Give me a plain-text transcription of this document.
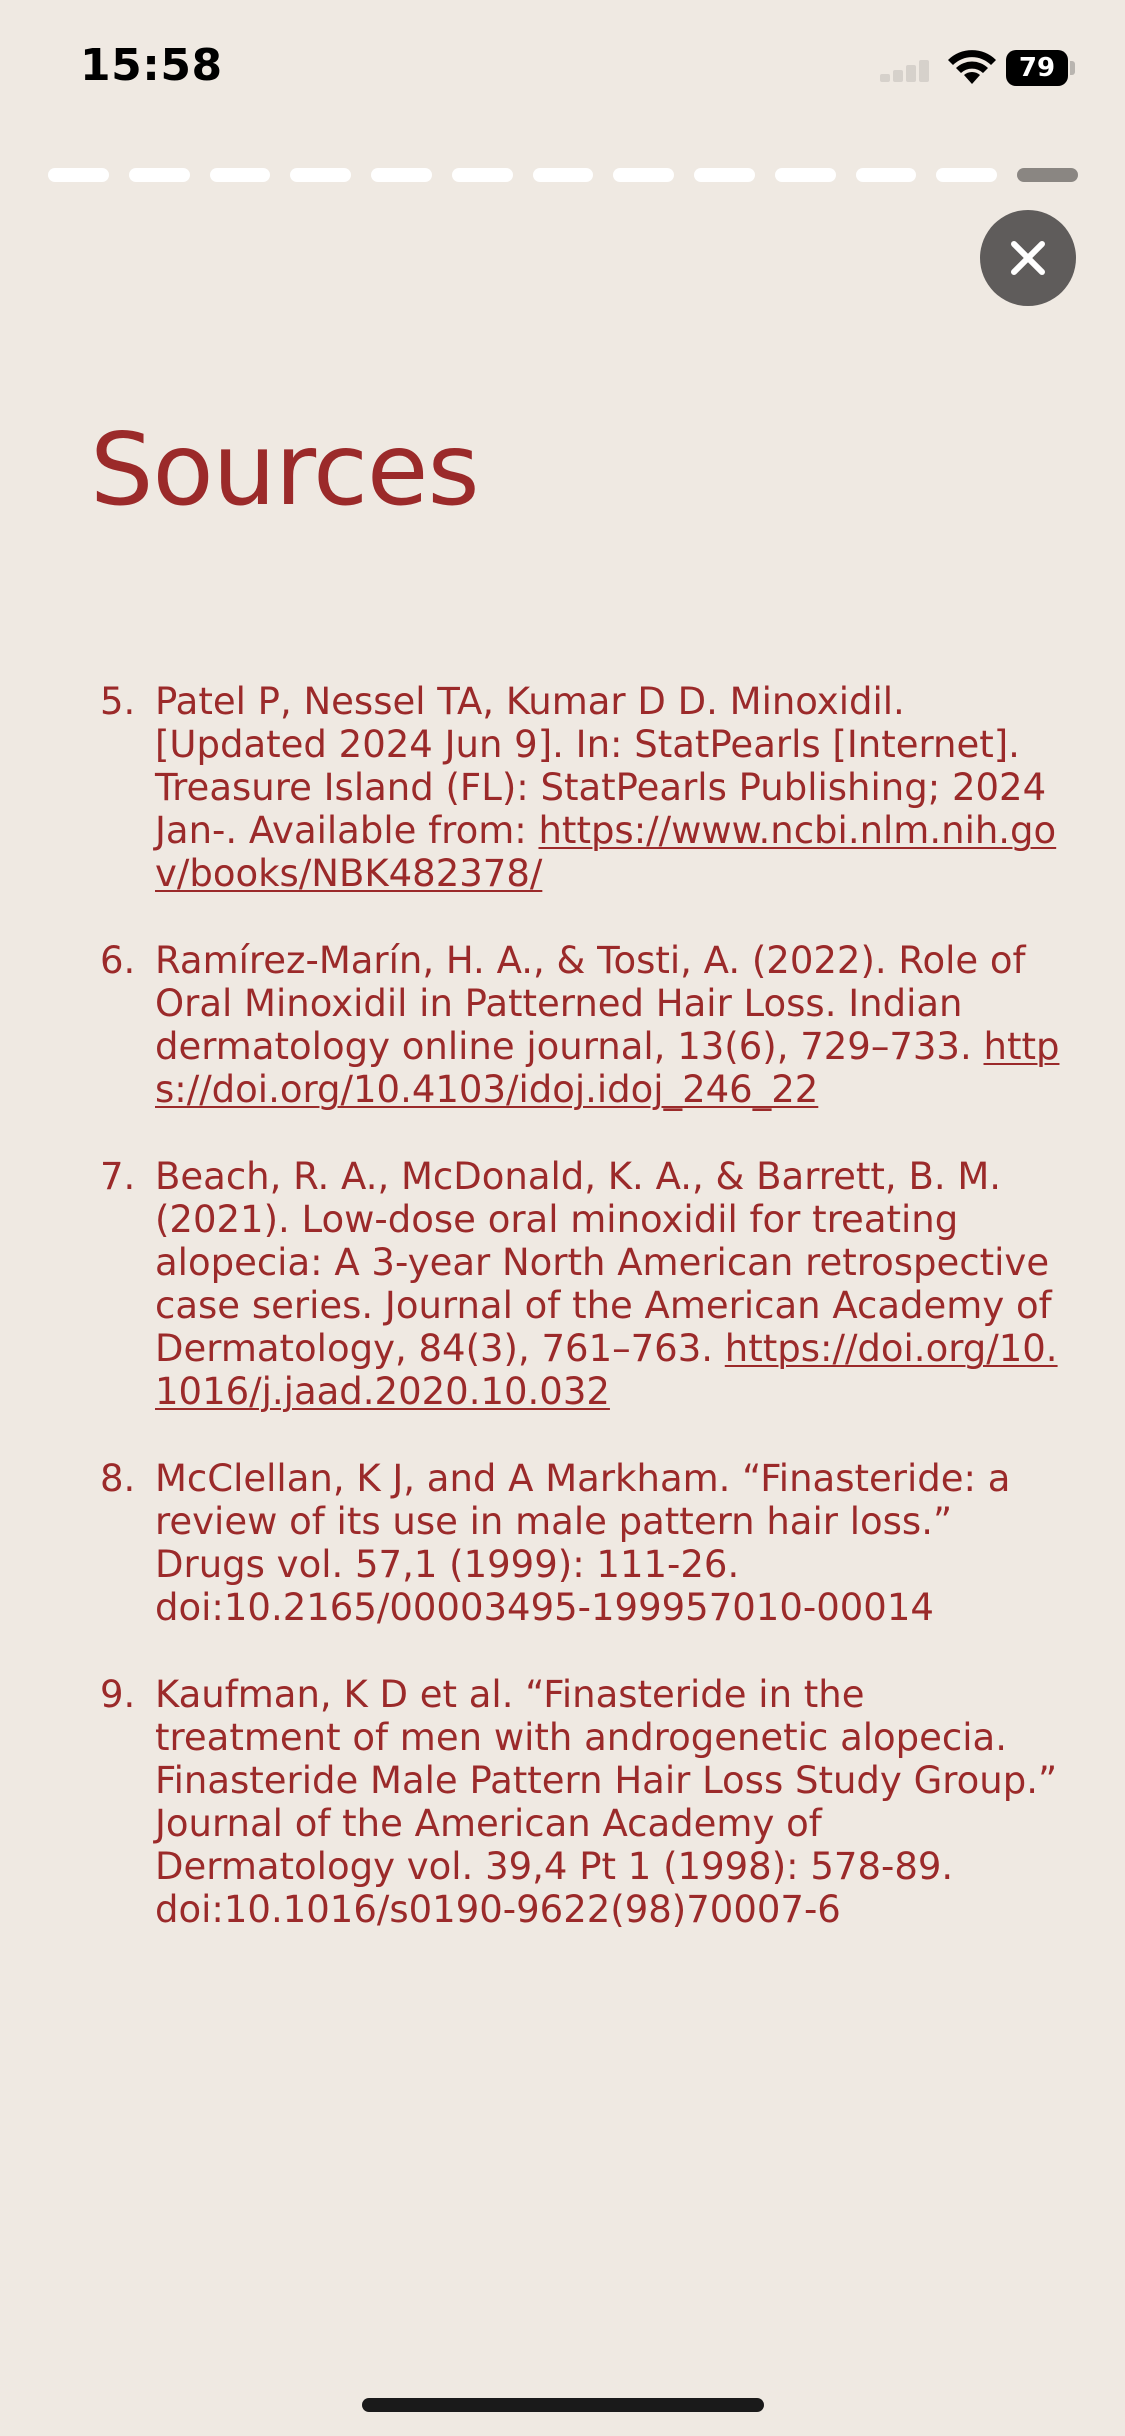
15:58	79
Sources
5. Patel P, Nessel TA, Kumar D D. Minoxidil. [Updated 2024 Jun 9]. In: StatPearls [Internet]. Treasure Island (FL): StatPearls Publishing; 2024 Jan-. Available from: https://www.ncbi.nlm.nih.gov/books/NBK482378/
6. Ramírez-Marín, H. A., & Tosti, A. (2022). Role of Oral Minoxidil in Patterned Hair Loss. Indian dermatology online journal, 13(6), 729–733. https://doi.org/10.4103/idoj.idoj_246_22
7. Beach, R. A., McDonald, K. A., & Barrett, B. M. (2021). Low-dose oral minoxidil for treating alopecia: A 3-year North American retrospective case series. Journal of the American Academy of Dermatology, 84(3), 761–763. https://doi.org/10.1016/j.jaad.2020.10.032
8. McClellan, K J, and A Markham. “Finasteride: a review of its use in male pattern hair loss.” Drugs vol. 57,1 (1999): 111-26. doi:10.2165/00003495-199957010-00014
9. Kaufman, K D et al. “Finasteride in the treatment of men with androgenetic alopecia. Finasteride Male Pattern Hair Loss Study Group.” Journal of the American Academy of Dermatology vol. 39,4 Pt 1 (1998): 578-89. doi:10.1016/s0190-9622(98)70007-6
